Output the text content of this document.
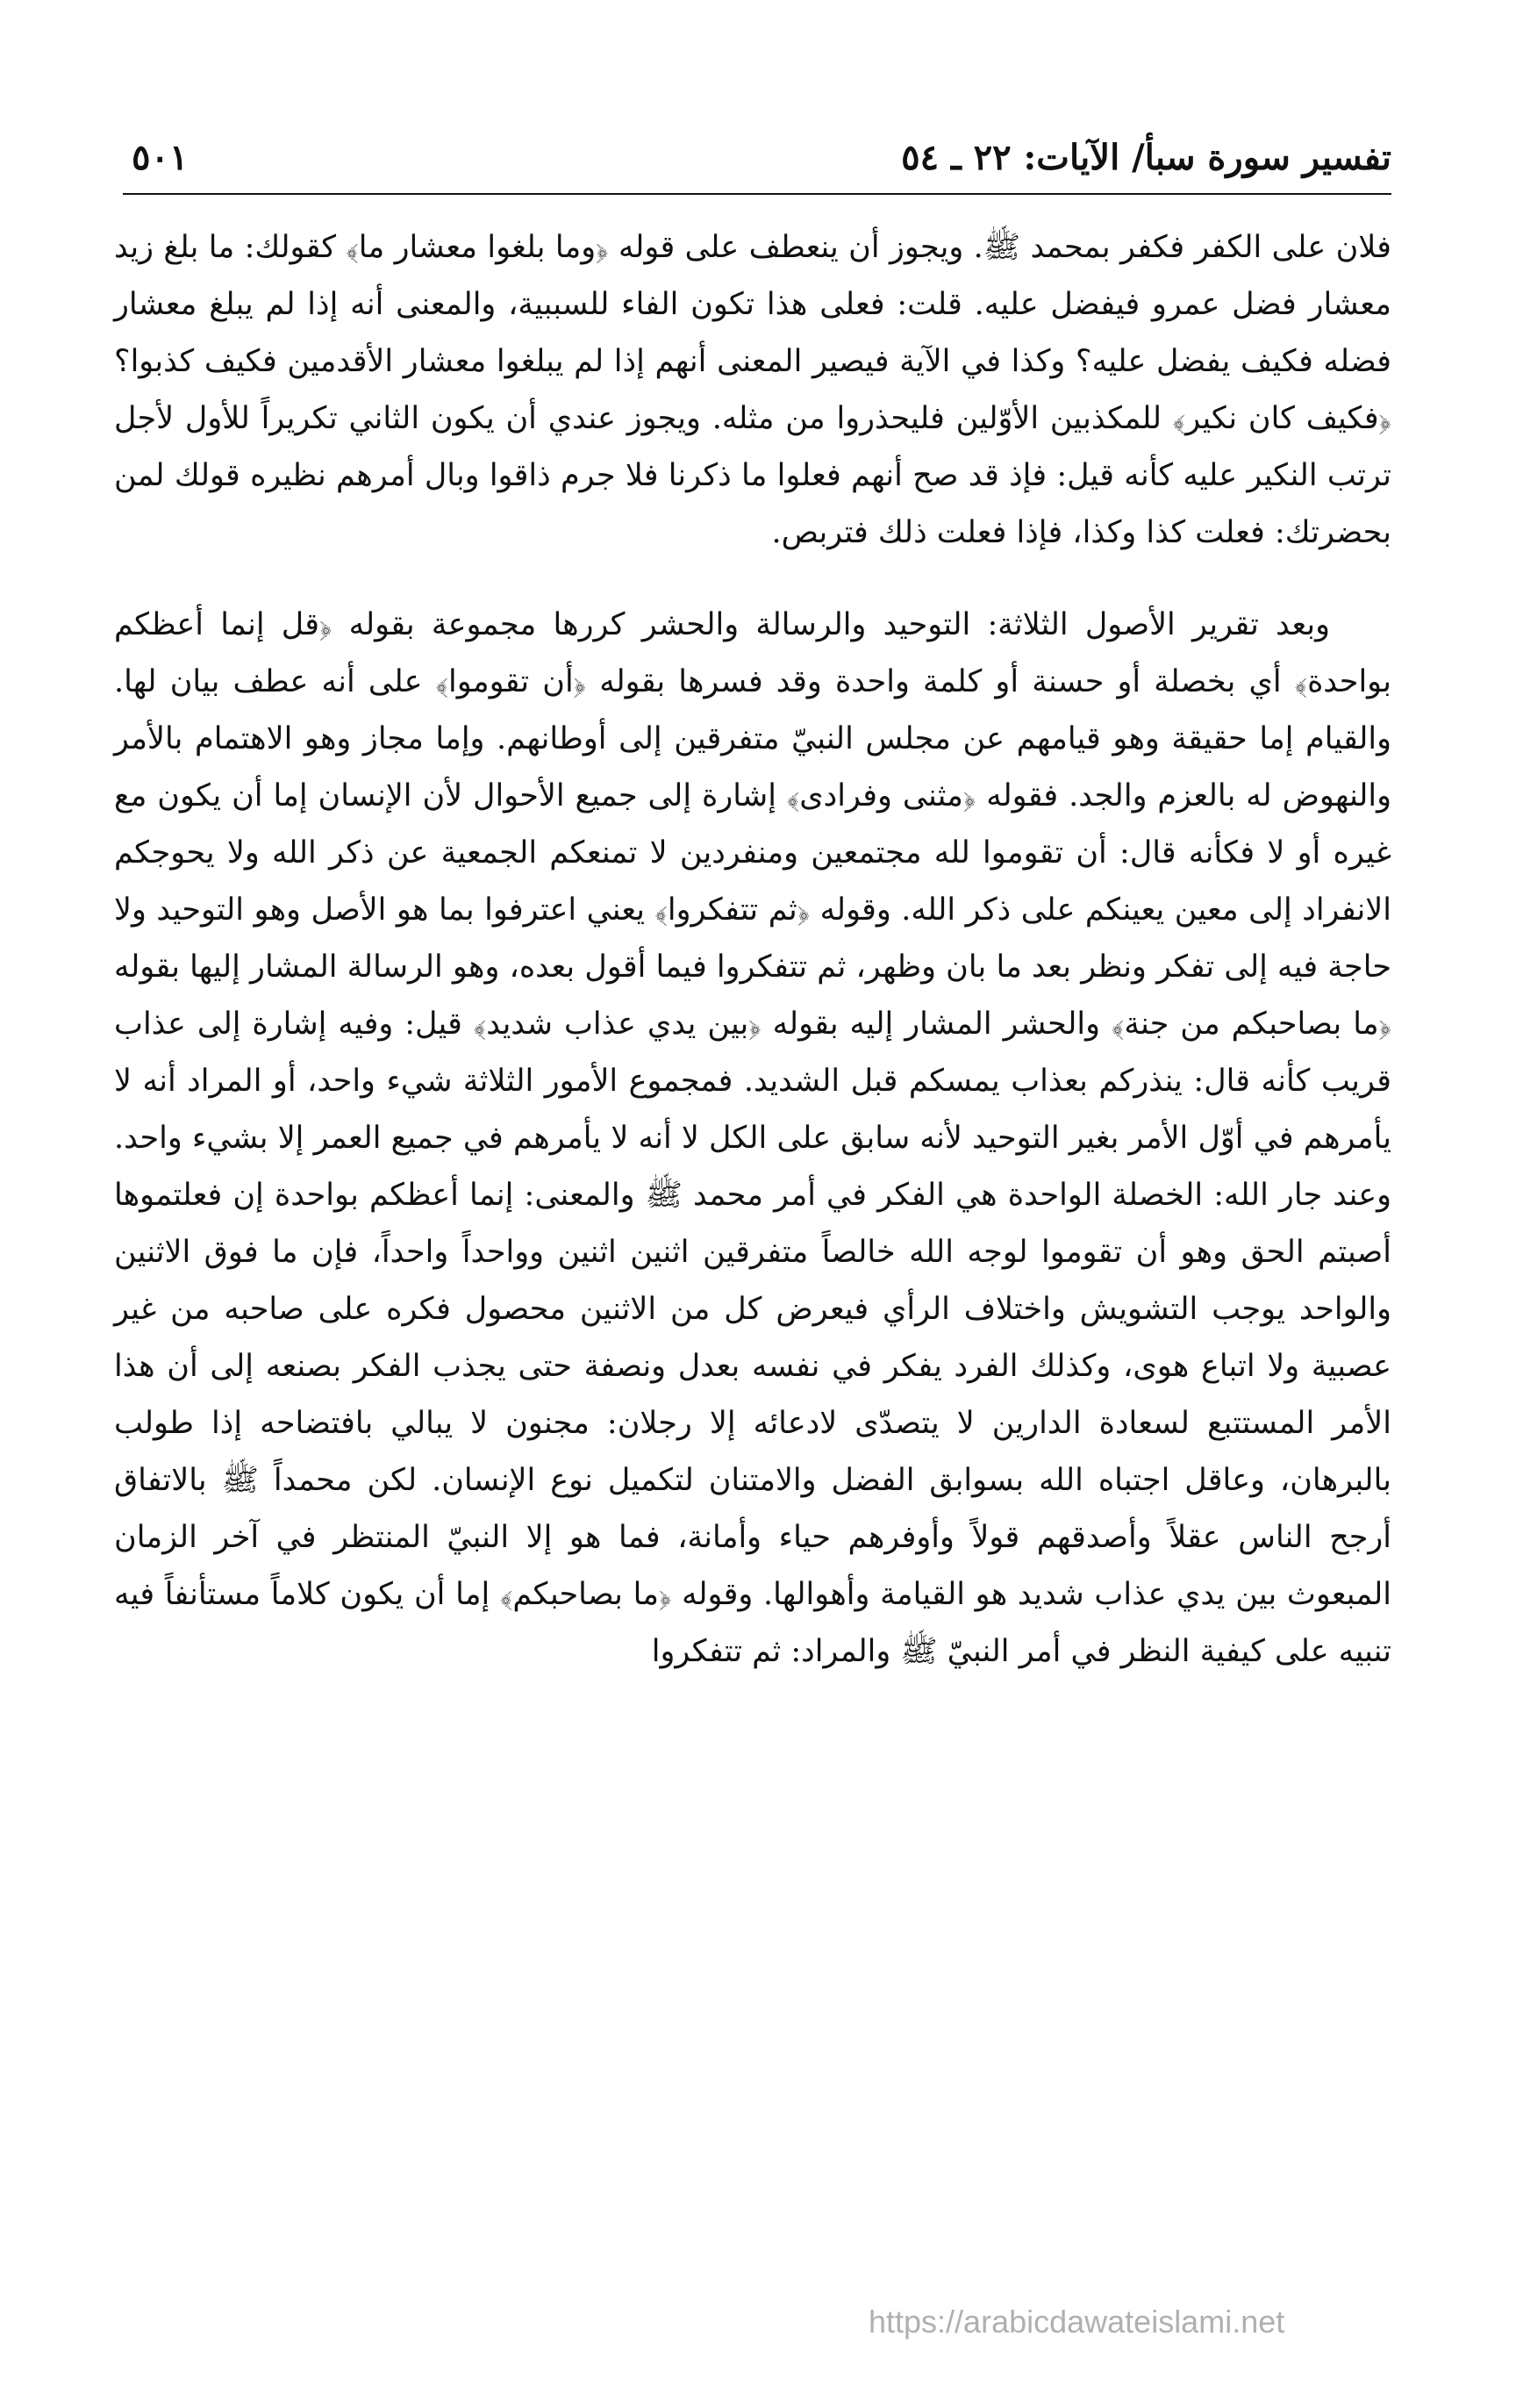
تفسير سورة سبأ/ الآيات: ٢٢ ـ ٥٤
٥٠١

فلان على الكفر فكفر بمحمد ﷺ. ويجوز أن ينعطف على قوله ﴿وما بلغوا معشار ما﴾ كقولك: ما بلغ زيد معشار فضل عمرو فيفضل عليه. قلت: فعلى هذا تكون الفاء للسببية، والمعنى أنه إذا لم يبلغ معشار فضله فكيف يفضل عليه؟ وكذا في الآية فيصير المعنى أنهم إذا لم يبلغوا معشار الأقدمين فكيف كذبوا؟ ﴿فكيف كان نكير﴾ للمكذبين الأوّلين فليحذروا من مثله. ويجوز عندي أن يكون الثاني تكريراً للأول لأجل ترتب النكير عليه كأنه قيل: فإذ قد صح أنهم فعلوا ما ذكرنا فلا جرم ذاقوا وبال أمرهم نظيره قولك لمن بحضرتك: فعلت كذا وكذا، فإذا فعلت ذلك فتربص.

وبعد تقرير الأصول الثلاثة: التوحيد والرسالة والحشر كررها مجموعة بقوله ﴿قل إنما أعظكم بواحدة﴾ أي بخصلة أو حسنة أو كلمة واحدة وقد فسرها بقوله ﴿أن تقوموا﴾ على أنه عطف بيان لها. والقيام إما حقيقة وهو قيامهم عن مجلس النبيّ متفرقين إلى أوطانهم. وإما مجاز وهو الاهتمام بالأمر والنهوض له بالعزم والجد. فقوله ﴿مثنى وفرادى﴾ إشارة إلى جميع الأحوال لأن الإنسان إما أن يكون مع غيره أو لا فكأنه قال: أن تقوموا لله مجتمعين ومنفردين لا تمنعكم الجمعية عن ذكر الله ولا يحوجكم الانفراد إلى معين يعينكم على ذكر الله. وقوله ﴿ثم تتفكروا﴾ يعني اعترفوا بما هو الأصل وهو التوحيد ولا حاجة فيه إلى تفكر ونظر بعد ما بان وظهر، ثم تتفكروا فيما أقول بعده، وهو الرسالة المشار إليها بقوله ﴿ما بصاحبكم من جنة﴾ والحشر المشار إليه بقوله ﴿بين يدي عذاب شديد﴾ قيل: وفيه إشارة إلى عذاب قريب كأنه قال: ينذركم بعذاب يمسكم قبل الشديد. فمجموع الأمور الثلاثة شيء واحد، أو المراد أنه لا يأمرهم في أوّل الأمر بغير التوحيد لأنه سابق على الكل لا أنه لا يأمرهم في جميع العمر إلا بشيء واحد. وعند جار الله: الخصلة الواحدة هي الفكر في أمر محمد ﷺ والمعنى: إنما أعظكم بواحدة إن فعلتموها أصبتم الحق وهو أن تقوموا لوجه الله خالصاً متفرقين اثنين اثنين وواحداً واحداً، فإن ما فوق الاثنين والواحد يوجب التشويش واختلاف الرأي فيعرض كل من الاثنين محصول فكره على صاحبه من غير عصبية ولا اتباع هوى، وكذلك الفرد يفكر في نفسه بعدل ونصفة حتى يجذب الفكر بصنعه إلى أن هذا الأمر المستتبع لسعادة الدارين لا يتصدّى لادعائه إلا رجلان: مجنون لا يبالي بافتضاحه إذا طولب بالبرهان، وعاقل اجتباه الله بسوابق الفضل والامتنان لتكميل نوع الإنسان. لكن محمداً ﷺ بالاتفاق أرجح الناس عقلاً وأصدقهم قولاً وأوفرهم حياء وأمانة، فما هو إلا النبيّ المنتظر في آخر الزمان المبعوث بين يدي عذاب شديد هو القيامة وأهوالها. وقوله ﴿ما بصاحبكم﴾ إما أن يكون كلاماً مستأنفاً فيه تنبيه على كيفية النظر في أمر النبيّ ﷺ والمراد: ثم تتفكروا

https://arabicdawateislami.net
